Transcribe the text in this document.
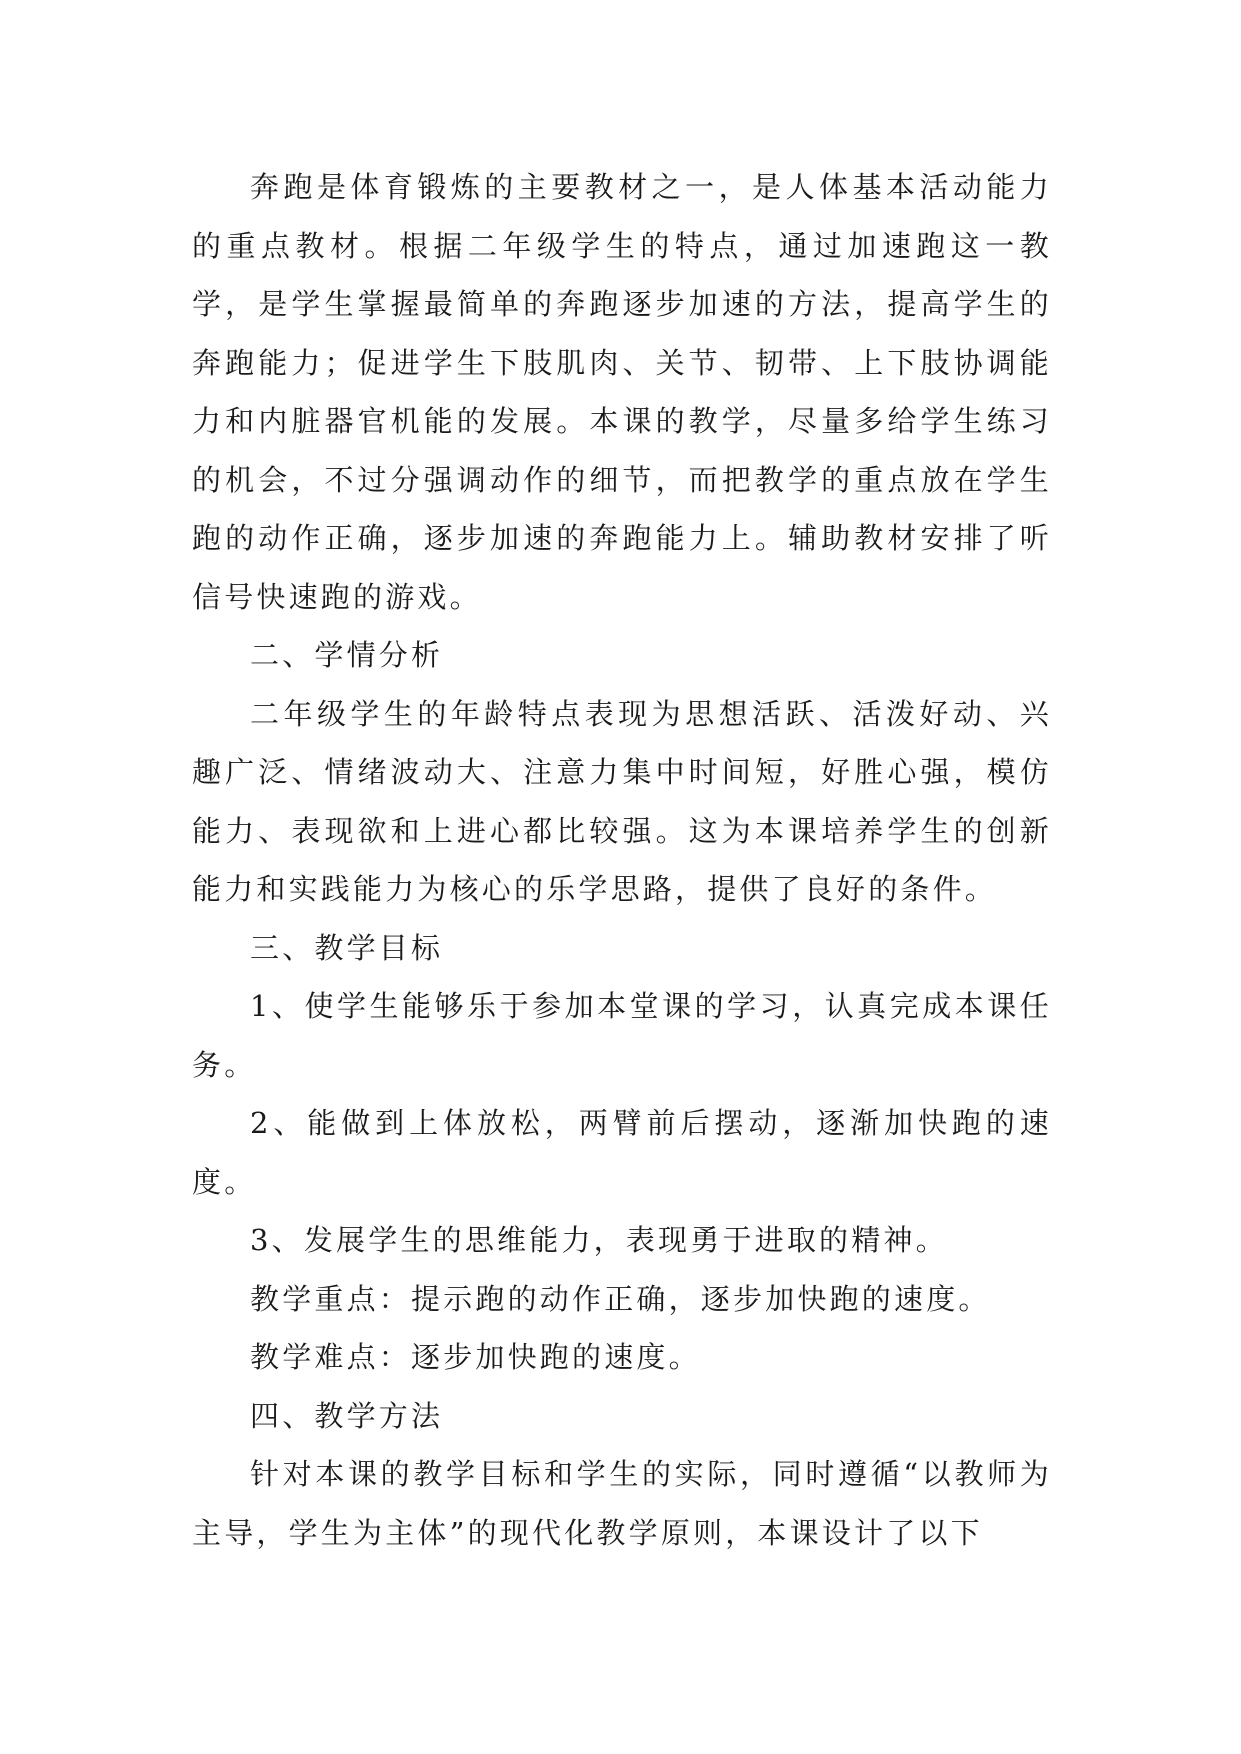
奔跑是体育锻炼的主要教材之一，是人体基本活动能力的重点教材。根据二年级学生的特点，通过加速跑这一教学，是学生掌握最简单的奔跑逐步加速的方法，提高学生的奔跑能力；促进学生下肢肌肉、关节、韧带、上下肢协调能力和内脏器官机能的发展。本课的教学，尽量多给学生练习的机会，不过分强调动作的细节，而把教学的重点放在学生跑的动作正确，逐步加速的奔跑能力上。辅助教材安排了听信号快速跑的游戏。

二、学情分析

二年级学生的年龄特点表现为思想活跃、活泼好动、兴趣广泛、情绪波动大、注意力集中时间短，好胜心强，模仿能力、表现欲和上进心都比较强。这为本课培养学生的创新能力和实践能力为核心的乐学思路，提供了良好的条件。

三、教学目标

1、使学生能够乐于参加本堂课的学习，认真完成本课任务。

2、能做到上体放松，两臂前后摆动，逐渐加快跑的速度。

3、发展学生的思维能力，表现勇于进取的精神。

教学重点：提示跑的动作正确，逐步加快跑的速度。

教学难点：逐步加快跑的速度。

四、教学方法

针对本课的教学目标和学生的实际，同时遵循“以教师为主导，学生为主体”的现代化教学原则，本课设计了以下
